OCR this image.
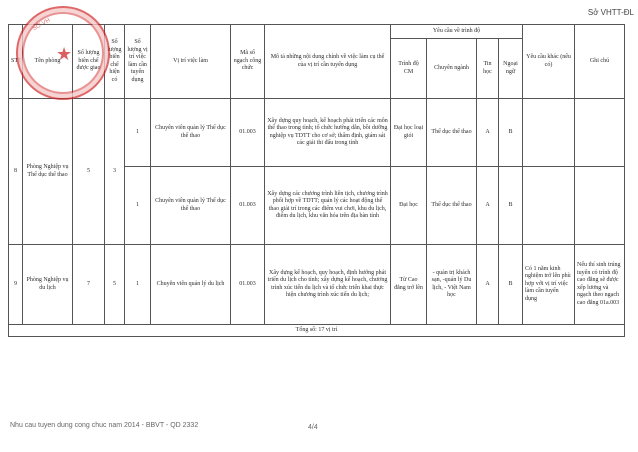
Sở VHTT-ĐL
STT	Tên phòng	Số lượng biên chế được giao	Số lượng biên chế hiện có	Số lượng vị trí việc làm cần tuyển dụng	Vị trí việc làm	Mã số ngạch công chức	Mô tả những nội dung chính về việc làm cụ thể của vị trí cần tuyển dụng	Yêu cầu về trình độ				Yêu cầu khác (nếu có)	Ghi chú
								Trình độ CM	Chuyên ngành	Tin học	Ngoại ngữ		
8	Phòng Nghiệp vụ Thể dục thể thao	5	3	1	Chuyên viên quản lý Thể dục thể thao	01.003	Xây dựng quy hoạch, kế hoạch phát triển các môn thể thao trong tỉnh; tổ chức hướng dẫn, bồi dưỡng nghiệp vụ TDTT cho cơ sở; thẩm định, giám sát các giải thi đấu trong tỉnh	Đại học loại giỏi	Thể dục thể thao	A	B		
				1	Chuyên viên quản lý Thể dục thể thao	01.003	Xây dựng các chương trình liên tịch, chương trình phối hợp về TDTT; quản lý các hoạt động thể thao giải trí trong các điểm vui chơi, khu du lịch, điểm du lịch, khu văn hóa trên địa bàn tỉnh	Đại học	Thể dục thể thao	A	B		
9	Phòng Nghiệp vụ du lịch	7	5	1	Chuyên viên quản lý du lịch	01.003	Xây dựng kế hoạch, quy hoạch, định hướng phát triển du lịch cho tỉnh; xây dựng kế hoạch, chương trình xúc tiến du lịch và tổ chức triển khai thực hiện chương trình xúc tiến du lịch;	Từ Cao đẳng trở lên	- quản trị khách sạn, -quản lý Du lịch, - Việt Nam học	A	B	Có 1 năm kinh nghiệm trở lên phù hợp với vị trí việc làm cần tuyển dụng	Nếu thí sinh trúng tuyển có trình độ cao đẳng sẽ được xếp lương và ngạch theo ngạch cao đẳng 01a.003
Tổng số: 17 vị trí													
SỞ VH
★
Nhu cau tuyen dung cong chuc nam 2014 - BBVT - QD 2332	4/4
